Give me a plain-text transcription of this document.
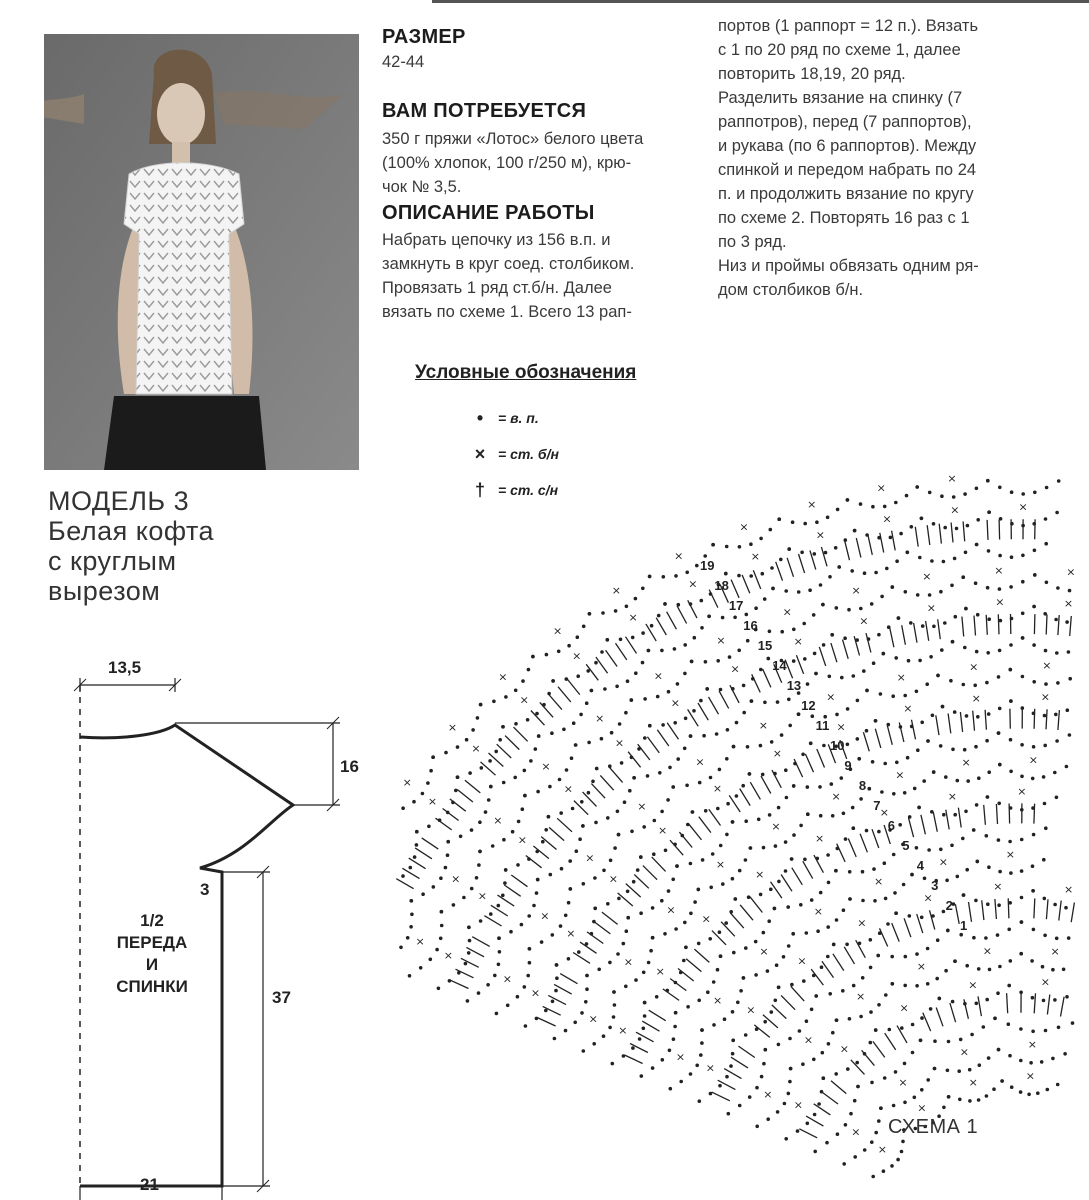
РАЗМЕР
42-44
ВАМ ПОТРЕБУЕТСЯ
350 г пряжи «Лотос» белого цвета
(100% хлопок, 100 г/250 м), крю-
чок № 3,5.
ОПИСАНИЕ РАБОТЫ
Набрать цепочку из 156 в.п. и
замкнуть в круг соед. столбиком.
Провязать 1 ряд ст.б/н. Далее
вязать по схеме 1. Всего 13 рап-
портов (1 раппорт = 12 п.). Вязать
с 1 по 20 ряд по схеме 1, далее
повторить 18,19, 20 ряд.
Разделить вязание на спинку (7
раппотров), перед (7 раппортов),
и рукава (по 6 раппортов). Между
спинкой и передом набрать по 24
п. и продолжить вязание по кругу
по схеме 2. Повторять 16 раз с 1
по 3 ряд.
Низ и проймы обвязать одним ря-
дом столбиков б/н.
Условные обозначения
•	= в. п.
× = ст. б/н
† = ст. с/н
МОДЕЛЬ 3
Белая кофта
с круглым
вырезом
13,5
16
3
37
21
1/2
ПЕРЕДА
И
СПИНКИ
×
×
×	×
×
×
×
×
×
×
×
×	×
×
×
×
×
×	×
×
×
×
×
×
×	×
×
×
×
×
×
×
×
×
×
×
×
×
×
×	×
×
×
×
×
×
×
×
×	×
×
×
×
×
×
×
×
×
×	×
×
×
×
×
×
×
×
×
×	×
×
×
×
×
×
×
×
×
×
×	×	×
×
×
×
×
×
×
×
×
×
×	×	×
×
×
×
×
×
×
×
×
×
×	×
×
×
×
×
×
×
×
×
×
×
19
18
17
16
15
14
13
12
11
10
9
8
7
6
5
4
3
2
1
СХЕМА 1
